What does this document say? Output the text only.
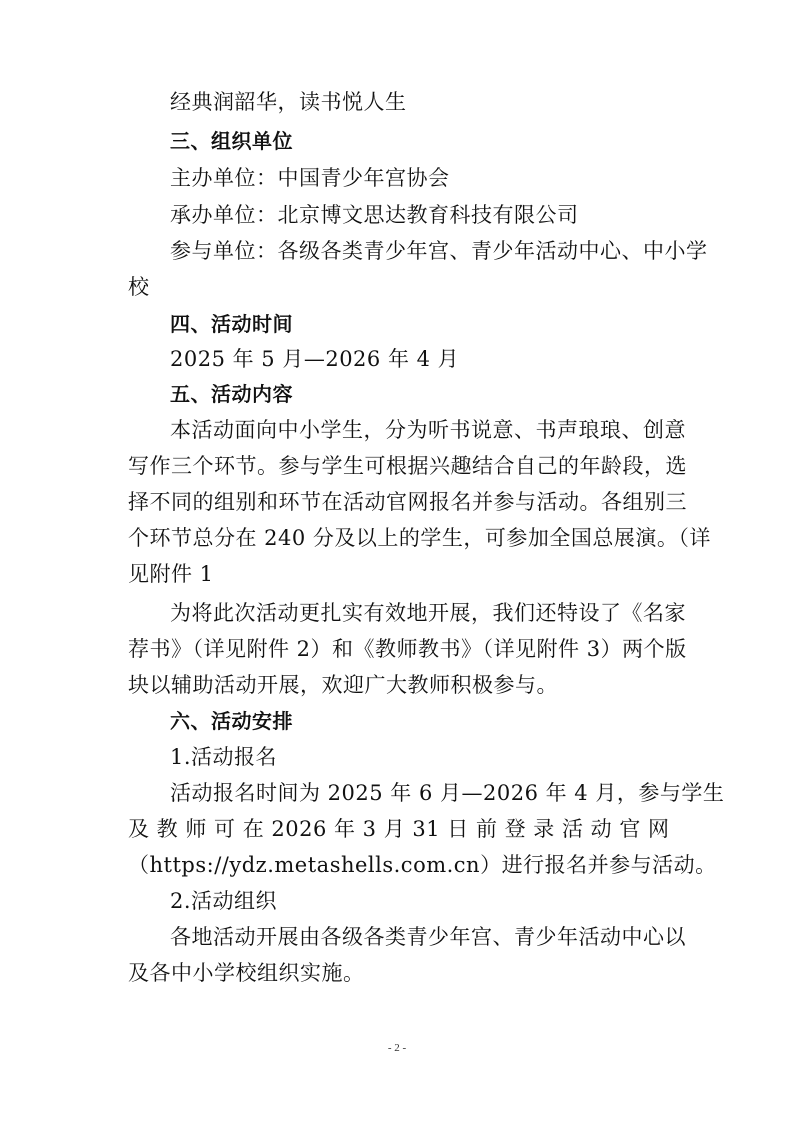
经典润韶华，读书悦人生
三、组织单位
主办单位：中国青少年宫协会
承办单位：北京博文思达教育科技有限公司
参与单位：各级各类青少年宫、青少年活动中心、中小学
校
四、活动时间
2025 年 5 月—2026 年 4 月
五、活动内容
本活动面向中小学生，分为听书说意、书声琅琅、创意
写作三个环节。参与学生可根据兴趣结合自己的年龄段，选
择不同的组别和环节在活动官网报名并参与活动。各组别三
个环节总分在 240 分及以上的学生，可参加全国总展演。（详
见附件 1
为将此次活动更扎实有效地开展，我们还特设了《名家
荐书》（详见附件 2）和《教师教书》（详见附件 3）两个版
块以辅助活动开展，欢迎广大教师积极参与。
六、活动安排
1.活动报名
活动报名时间为 2025 年 6 月—2026 年 4 月，参与学生
及 教 师 可 在 2026 年 3 月 31 日 前 登 录 活 动 官 网
（https://ydz.metashells.com.cn）进行报名并参与活动。
2.活动组织
各地活动开展由各级各类青少年宫、青少年活动中心以
及各中小学校组织实施。
- 2 -
